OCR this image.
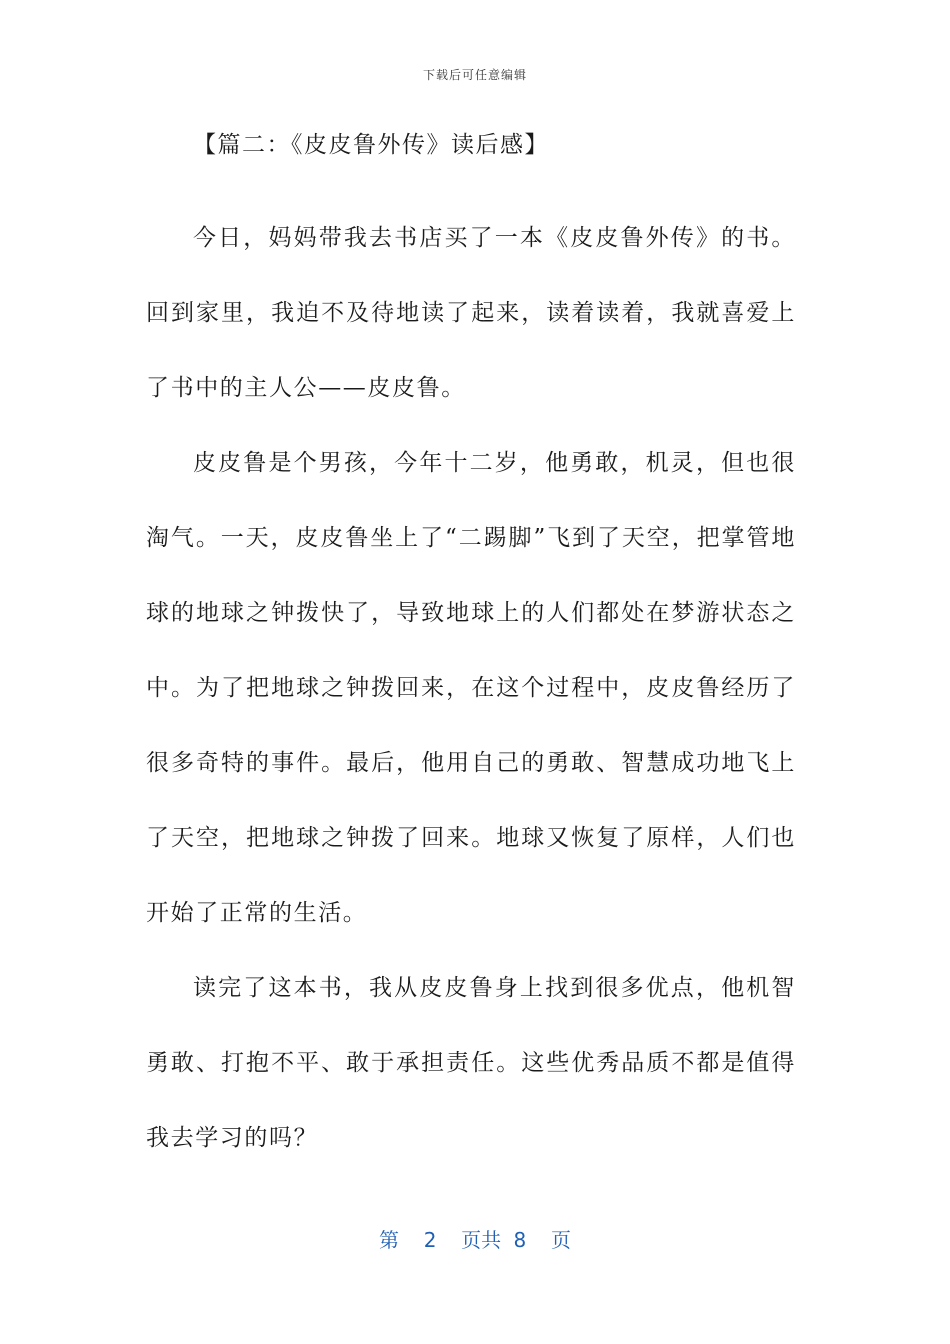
下载后可任意编辑

【篇二：《皮皮鲁外传》读后感】

今日，妈妈带我去书店买了一本《皮皮鲁外传》的书。回到家里，我迫不及待地读了起来，读着读着，我就喜爱上了书中的主人公——皮皮鲁。

皮皮鲁是个男孩，今年十二岁，他勇敢，机灵，但也很淘气。一天，皮皮鲁坐上了“二踢脚”飞到了天空，把掌管地球的地球之钟拨快了，导致地球上的人们都处在梦游状态之中。为了把地球之钟拨回来，在这个过程中，皮皮鲁经历了很多奇特的事件。最后，他用自己的勇敢、智慧成功地飞上了天空，把地球之钟拨了回来。地球又恢复了原样，人们也开始了正常的生活。

读完了这本书，我从皮皮鲁身上找到很多优点，他机智勇敢、打抱不平、敢于承担责任。这些优秀品质不都是值得我去学习的吗？

第  2  页共 8  页
